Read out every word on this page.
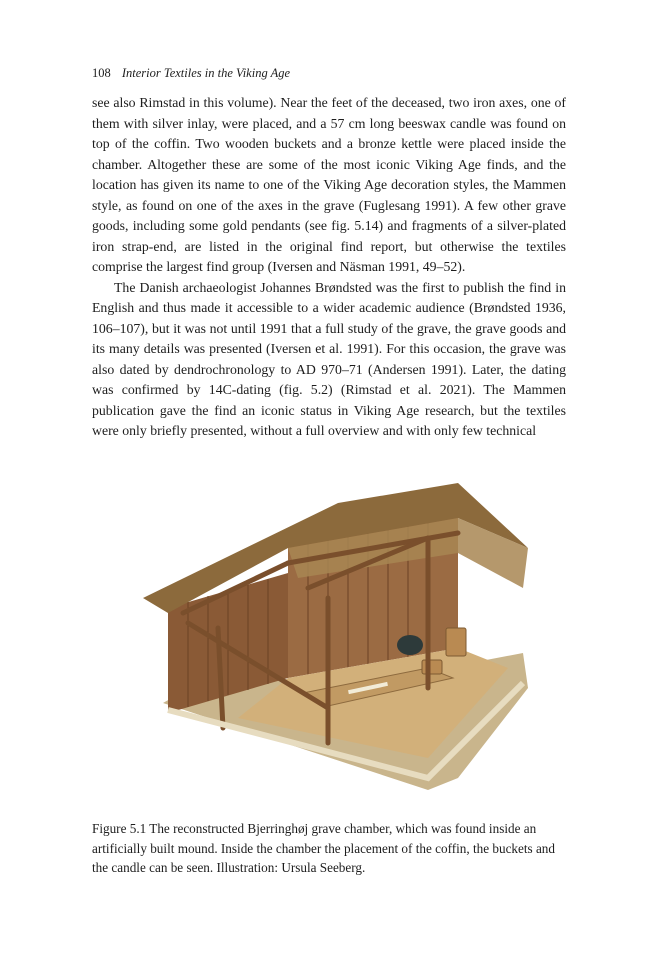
108 Interior Textiles in the Viking Age

see also Rimstad in this volume). Near the feet of the deceased, two iron axes, one of them with silver inlay, were placed, and a 57 cm long beeswax candle was found on top of the coffin. Two wooden buckets and a bronze kettle were placed inside the chamber. Altogether these are some of the most iconic Viking Age finds, and the location has given its name to one of the Viking Age decoration styles, the Mammen style, as found on one of the axes in the grave (Fuglesang 1991). A few other grave goods, including some gold pendants (see fig. 5.14) and fragments of a silver-plated iron strap-end, are listed in the original find report, but otherwise the textiles comprise the largest find group (Iversen and Näsman 1991, 49–52).

The Danish archaeologist Johannes Brøndsted was the first to publish the find in English and thus made it accessible to a wider academic audience (Brøndsted 1936, 106–107), but it was not until 1991 that a full study of the grave, the grave goods and its many details was presented (Iversen et al. 1991). For this occasion, the grave was also dated by dendrochronology to AD 970–71 (Andersen 1991). Later, the dating was confirmed by 14C-dating (fig. 5.2) (Rimstad et al. 2021). The Mammen publication gave the find an iconic status in Viking Age research, but the textiles were only briefly presented, without a full overview and with only few technical

Figure 5.1 The reconstructed Bjerringhøj grave chamber, which was found inside an artificially built mound. Inside the chamber the placement of the coffin, the buckets and the candle can be seen. Illustration: Ursula Seeberg.
